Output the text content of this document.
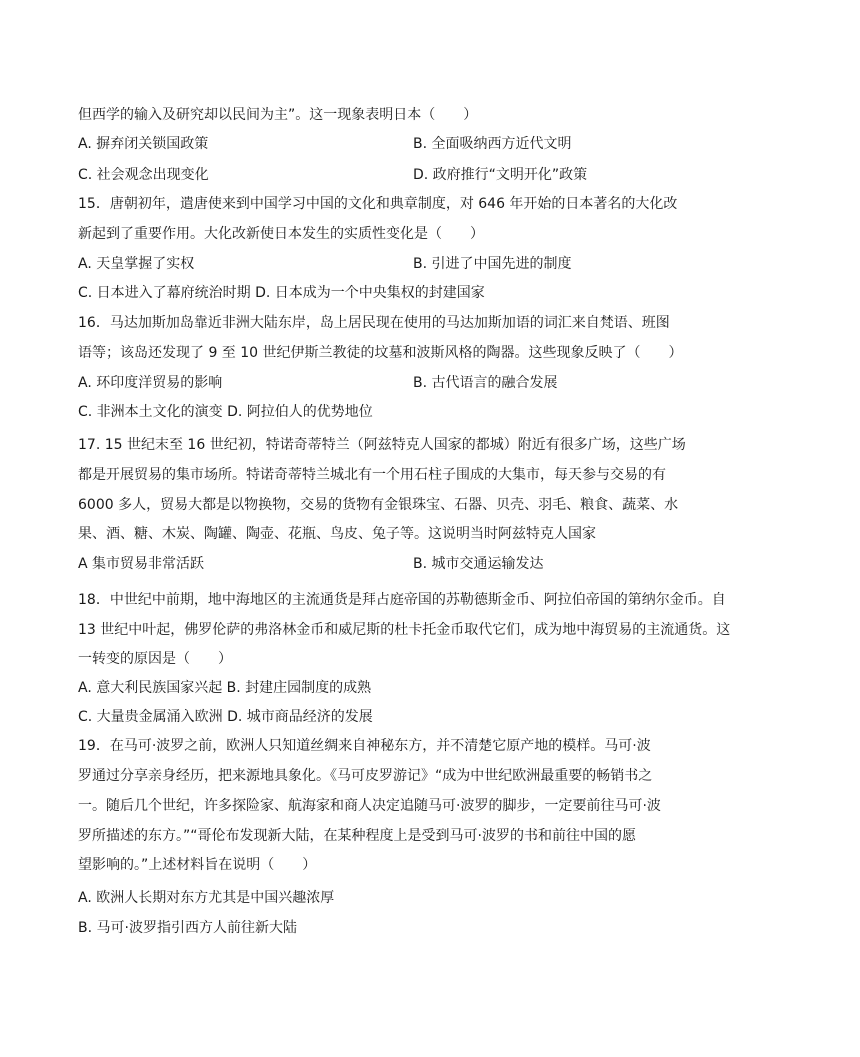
但西学的输入及研究却以民间为主”。这一现象表明日本（　　）
A. 摒弃闭关锁国政策	B. 全面吸纳西方近代文明
C. 社会观念出现变化	D. 政府推行“文明开化”政策
15．唐朝初年，遣唐使来到中国学习中国的文化和典章制度，对 646 年开始的日本著名的大化改
新起到了重要作用。大化改新使日本发生的实质性变化是（　　）
A. 天皇掌握了实权	B. 引进了中国先进的制度
C. 日本进入了幕府统治时期 D. 日本成为一个中央集权的封建国家
16．马达加斯加岛靠近非洲大陆东岸，岛上居民现在使用的马达加斯加语的词汇来自梵语、班图
语等；该岛还发现了 9 至 10 世纪伊斯兰教徒的坟墓和波斯风格的陶器。这些现象反映了（　　）
A. 环印度洋贸易的影响	B. 古代语言的融合发展
C. 非洲本土文化的演变 D. 阿拉伯人的优势地位
17. 15 世纪末至 16 世纪初，特诺奇蒂特兰（阿兹特克人国家的都城）附近有很多广场，这些广场
都是开展贸易的集市场所。特诺奇蒂特兰城北有一个用石柱子围成的大集市，每天参与交易的有
6000 多人，贸易大都是以物换物，交易的货物有金银珠宝、石器、贝壳、羽毛、粮食、蔬菜、水
果、酒、糖、木炭、陶罐、陶壶、花瓶、鸟皮、兔子等。这说明当时阿兹特克人国家
A 集市贸易非常活跃	B. 城市交通运输发达
18．中世纪中前期，地中海地区的主流通货是拜占庭帝国的苏勒德斯金币、阿拉伯帝国的第纳尔金币。自
13 世纪中叶起，佛罗伦萨的弗洛林金币和威尼斯的杜卡托金币取代它们，成为地中海贸易的主流通货。这
一转变的原因是（　　）
A. 意大利民族国家兴起 B. 封建庄园制度的成熟
C. 大量贵金属涌入欧洲 D. 城市商品经济的发展
19．在马可·波罗之前，欧洲人只知道丝绸来自神秘东方，并不清楚它原产地的模样。马可·波
罗通过分享亲身经历，把来源地具象化。《马可皮罗游记》“成为中世纪欧洲最重要的畅销书之
一。随后几个世纪，许多探险家、航海家和商人决定追随马可·波罗的脚步，一定要前往马可·波
罗所描述的东方。”“哥伦布发现新大陆，在某种程度上是受到马可·波罗的书和前往中国的愿
望影响的。”上述材料旨在说明（　　）
A. 欧洲人长期对东方尤其是中国兴趣浓厚
B. 马可·波罗指引西方人前往新大陆
